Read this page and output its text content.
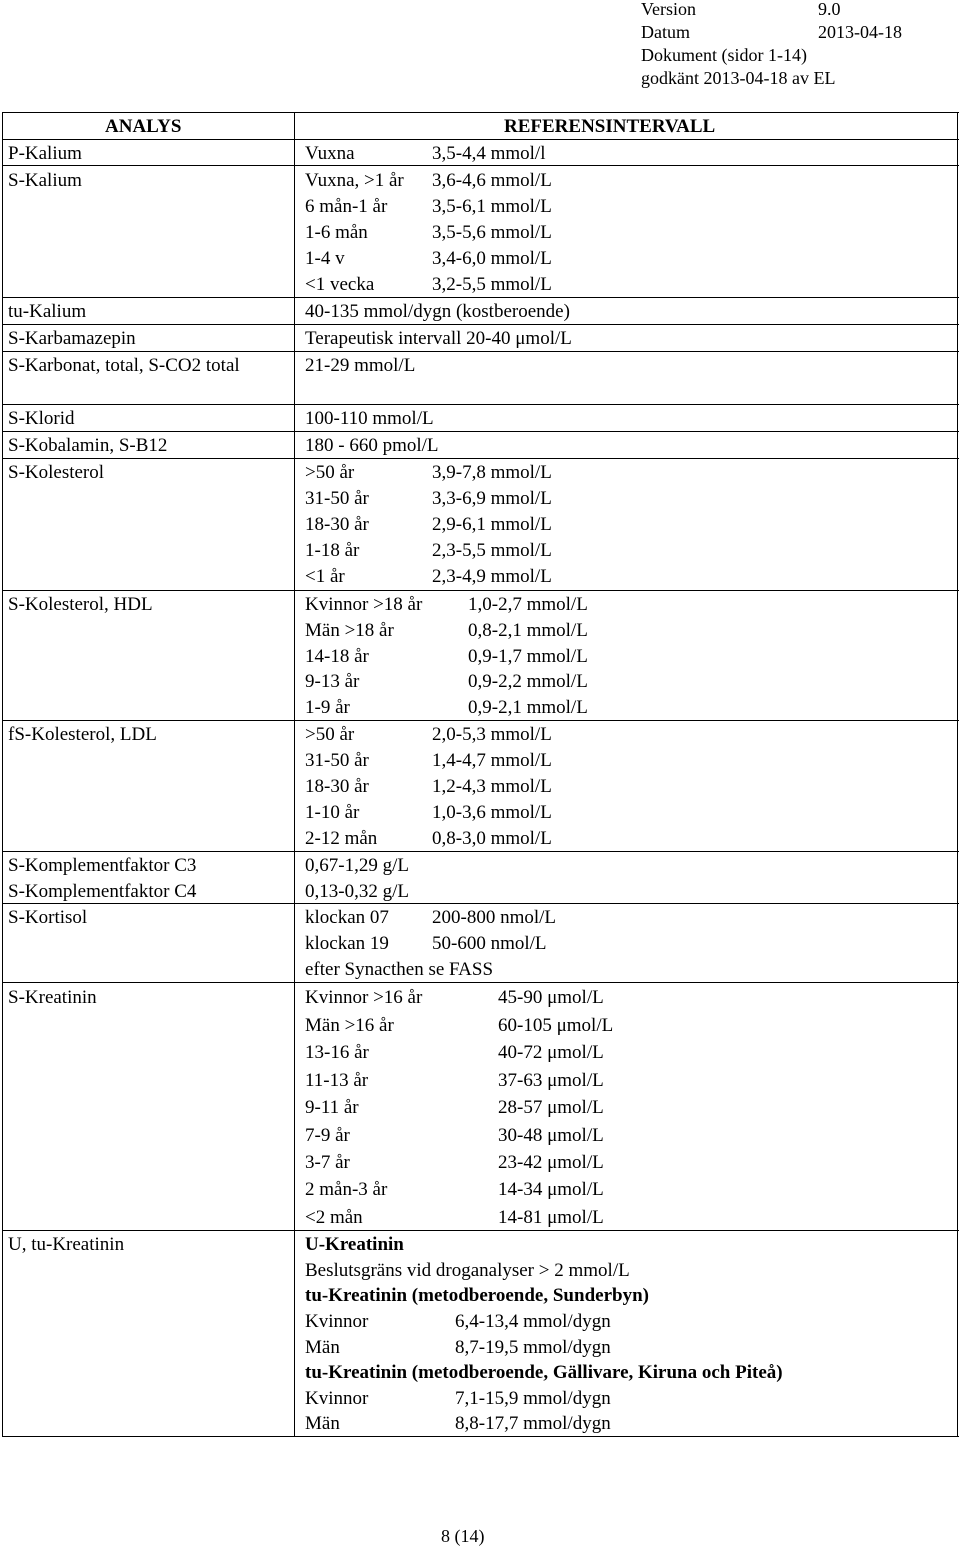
Version	9.0
Datum	2013-04-18
Dokument (sidor 1-14)
godkänt 2013-04-18 av EL
ANALYS	REFERENSINTERVALL
P-Kalium	Vuxna	3,5-4,4 mmol/l
S-Kalium	Vuxna, >1 år 3,6-4,6 mmol/L
6 mån-1 år 3,5-6,1 mmol/L
1-6 mån	3,5-5,6 mmol/L
1-4 v	3,4-6,0 mmol/L
<1 vecka	3,2-5,5 mmol/L
tu-Kalium	40-135 mmol/dygn (kostberoende)
S-Karbamazepin	Terapeutisk intervall 20-40 μmol/L
S-Karbonat, total, S-CO2 total	21-29 mmol/L
S-Klorid	100-110 mmol/L
S-Kobalamin, S-B12	180 - 660 pmol/L
S-Kolesterol	>50 år	3,9-7,8 mmol/L
31-50 år	3,3-6,9 mmol/L
18-30 år	2,9-6,1 mmol/L
1-18 år	2,3-5,5 mmol/L
<1 år	2,3-4,9 mmol/L
S-Kolesterol, HDL	Kvinnor >18 år 1,0-2,7 mmol/L
Män >18 år	0,8-2,1 mmol/L
14-18 år	0,9-1,7 mmol/L
9-13 år	0,9-2,2 mmol/L
1-9 år	0,9-2,1 mmol/L
fS-Kolesterol, LDL	>50 år	2,0-5,3 mmol/L
31-50 år	1,4-4,7 mmol/L
18-30 år	1,2-4,3 mmol/L
1-10 år	1,0-3,6 mmol/L
2-12 mån	0,8-3,0 mmol/L
S-Komplementfaktor C3	0,67-1,29 g/L
S-Komplementfaktor C4	0,13-0,32 g/L
S-Kortisol	klockan 07 200-800 nmol/L
klockan 19 50-600 nmol/L
efter Synacthen se FASS
S-Kreatinin	Kvinnor >16 år	45-90 μmol/L
Män >16 år	60-105 μmol/L
13-16 år	40-72 μmol/L
11-13 år	37-63 μmol/L
9-11 år	28-57 μmol/L
7-9 år	30-48 μmol/L
3-7 år	23-42 μmol/L
2 mån-3 år	14-34 μmol/L
<2 mån	14-81 μmol/L
U, tu-Kreatinin	U-Kreatinin
Beslutsgräns vid droganalyser > 2 mmol/L
tu-Kreatinin (metodberoende, Sunderbyn)
Kvinnor	6,4-13,4 mmol/dygn
Män	8,7-19,5 mmol/dygn
tu-Kreatinin (metodberoende, Gällivare, Kiruna och Piteå)
Kvinnor	7,1-15,9 mmol/dygn
Män	8,8-17,7 mmol/dygn
8 (14)
